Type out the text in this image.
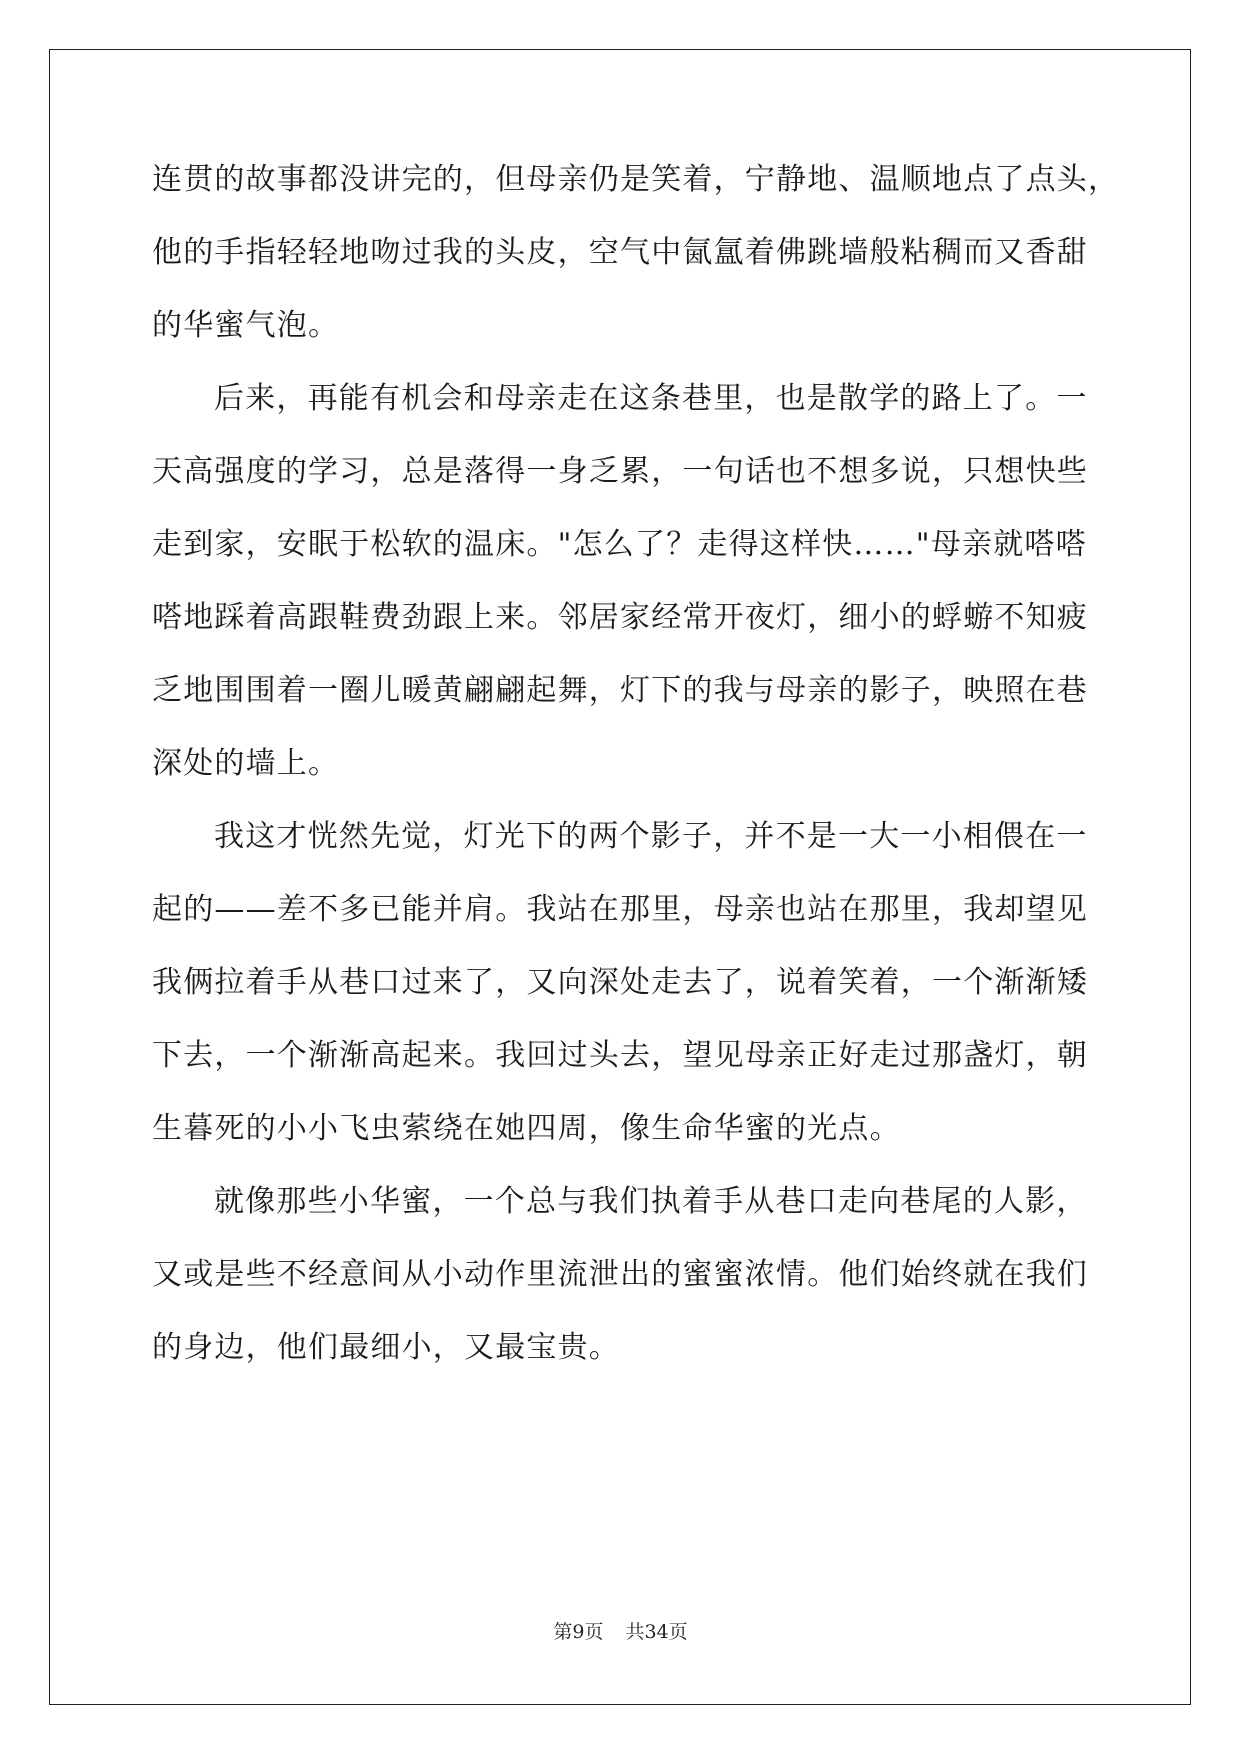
连贯的故事都没讲完的，但母亲仍是笑着，宁静地、温顺地点了点头，
他的手指轻轻地吻过我的头皮，空气中氤氲着佛跳墙般粘稠而又香甜
的华蜜气泡。
后来，再能有机会和母亲走在这条巷里，也是散学的路上了。一
天高强度的学习，总是落得一身乏累，一句话也不想多说，只想快些
走到家，安眠于松软的温床。"怎么了？走得这样快……"母亲就嗒嗒
嗒地踩着高跟鞋费劲跟上来。邻居家经常开夜灯，细小的蜉蝣不知疲
乏地围围着一圈儿暖黄翩翩起舞，灯下的我与母亲的影子，映照在巷
深处的墙上。
我这才恍然先觉，灯光下的两个影子，并不是一大一小相偎在一
起的——差不多已能并肩。我站在那里，母亲也站在那里，我却望见
我俩拉着手从巷口过来了，又向深处走去了，说着笑着，一个渐渐矮
下去，一个渐渐高起来。我回过头去，望见母亲正好走过那盏灯，朝
生暮死的小小飞虫萦绕在她四周，像生命华蜜的光点。
就像那些小华蜜，一个总与我们执着手从巷口走向巷尾的人影，
又或是些不经意间从小动作里流泄出的蜜蜜浓情。他们始终就在我们
的身边，他们最细小，又最宝贵。
第9页 共34页
